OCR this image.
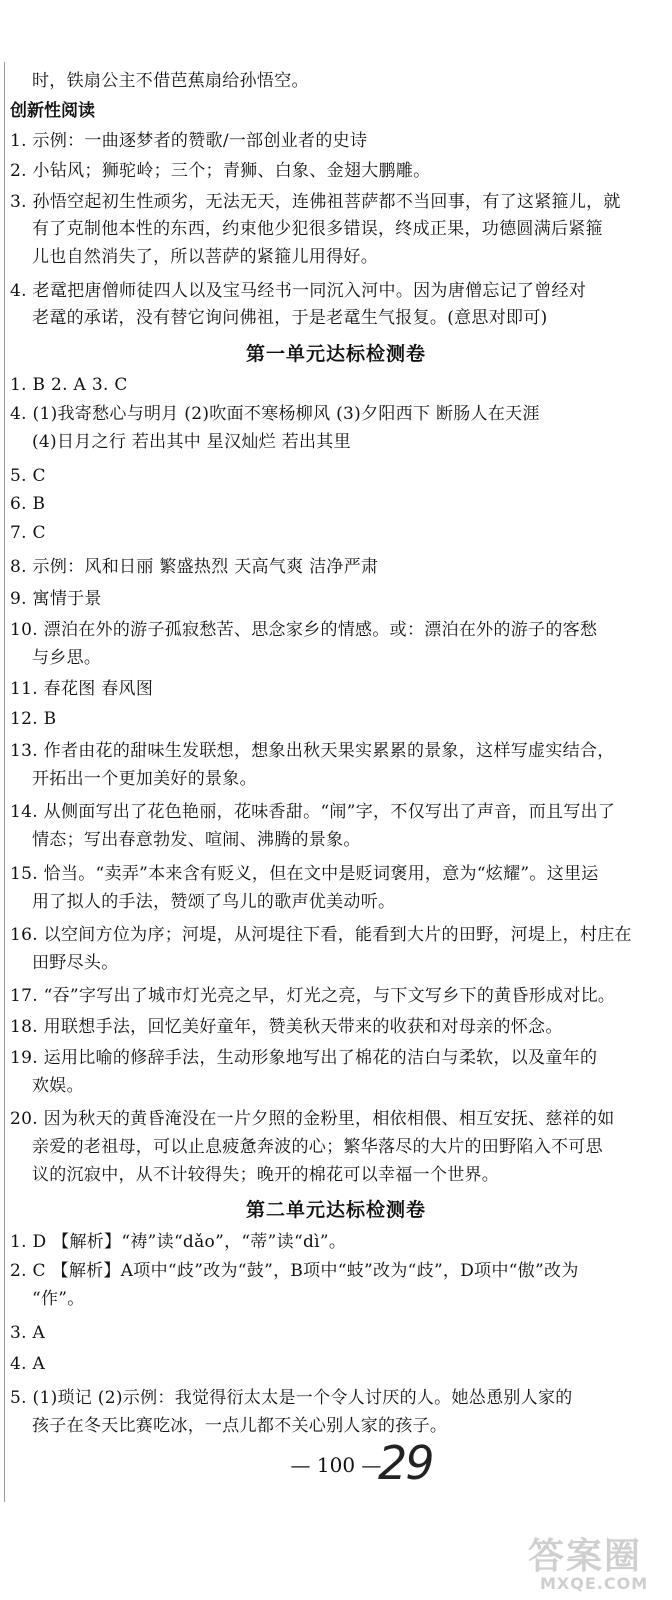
时，铁扇公主不借芭蕉扇给孙悟空。
创新性阅读
1. 示例：一曲逐梦者的赞歌/一部创业者的史诗
2. 小钻风；狮驼岭；三个；青狮、白象、金翅大鹏雕。
3. 孙悟空起初生性顽劣，无法无天，连佛祖菩萨都不当回事，有了这紧箍儿，就
有了克制他本性的东西，约束他少犯很多错误，终成正果，功德圆满后紧箍
儿也自然消失了，所以菩萨的紧箍儿用得好。
4. 老鼋把唐僧师徒四人以及宝马经书一同沉入河中。因为唐僧忘记了曾经对
老鼋的承诺，没有替它询问佛祖，于是老鼋生气报复。(意思对即可)
第一单元达标检测卷
1. B 2. A 3. C
4. (1)我寄愁心与明月 (2)吹面不寒杨柳风 (3)夕阳西下 断肠人在天涯
(4)日月之行 若出其中 星汉灿烂 若出其里
5. C
6. B
7. C
8. 示例：风和日丽 繁盛热烈 天高气爽 洁净严肃
9. 寓情于景
10. 漂泊在外的游子孤寂愁苦、思念家乡的情感。或：漂泊在外的游子的客愁
与乡思。
11. 春花图 春风图
12. B
13. 作者由花的甜味生发联想，想象出秋天果实累累的景象，这样写虚实结合，
开拓出一个更加美好的景象。
14. 从侧面写出了花色艳丽，花味香甜。“闹”字，不仅写出了声音，而且写出了
情态；写出春意勃发、喧闹、沸腾的景象。
15. 恰当。“卖弄”本来含有贬义，但在文中是贬词褒用，意为“炫耀”。这里运
用了拟人的手法，赞颂了鸟儿的歌声优美动听。
16. 以空间方位为序；河堤，从河堤往下看，能看到大片的田野，河堤上，村庄在
田野尽头。
17. “吞”字写出了城市灯光亮之早，灯光之亮，与下文写乡下的黄昏形成对比。
18. 用联想手法，回忆美好童年，赞美秋天带来的收获和对母亲的怀念。
19. 运用比喻的修辞手法，生动形象地写出了棉花的洁白与柔软，以及童年的
欢娱。
20. 因为秋天的黄昏淹没在一片夕照的金粉里，相依相偎、相互安抚、慈祥的如
亲爱的老祖母，可以止息疲惫奔波的心；繁华落尽的大片的田野陷入不可思
议的沉寂中，从不计较得失；晚开的棉花可以幸福一个世界。
第二单元达标检测卷
1. D 【解析】“祷”读“dǎo”，“蒂”读“dì”。
2. C 【解析】A项中“歧”改为“鼓”，B项中“蚑”改为“歧”，D项中“傲”改为
“作”。
3. A
4. A
5. (1)琐记 (2)示例：我觉得衍太太是一个令人讨厌的人。她怂恿别人家的
孩子在冬天比赛吃冰，一点儿都不关心别人家的孩子。
— 100 —
29
答案圈
MXQE.COM
